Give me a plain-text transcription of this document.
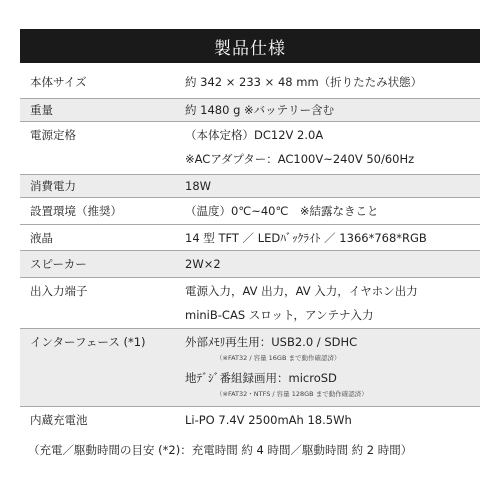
製品仕様
本体サイズ	約 342 × 233 × 48 mm（折りたたみ状態）
重量	約 1480 g ※バッテリー含む
電源定格	（本体定格）DC12V 2.0A
※ACアダプター：AC100V~240V 50/60Hz
消費電力	18W
設置環境（推奨）	（温度）0℃~40℃　※結露なきこと
液晶	14 型 TFT ／ LEDﾊﾞｯｸﾗｲﾄ ／ 1366*768*RGB
スピーカー	2W×2
出入力端子	電源入力，AV 出力，AV 入力，イヤホン出力
miniB-CAS スロット，アンテナ入力
インターフェース (*1)	外部ﾒﾓﾘ再生用：USB2.0 / SDHC
（※FAT32 / 容量 16GB まで動作確認済）
地ﾃﾞｼﾞ番組録画用：microSD
（※FAT32・NTFS / 容量 128GB まで動作確認済）
内蔵充電池	Li-PO 7.4V 2500mAh 18.5Wh
（充電／駆動時間の目安 (*2)：充電時間 約 4 時間／駆動時間 約 2 時間）
